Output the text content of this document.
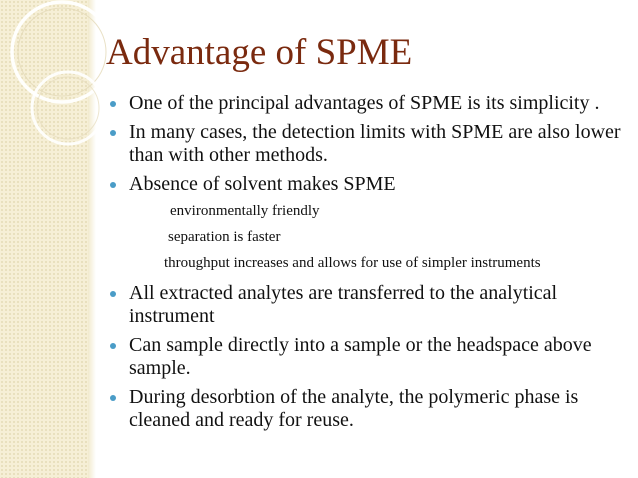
Advantage of SPME
One of the principal advantages of SPME is its simplicity .
In many cases, the detection limits with SPME are also lower than with other methods.
Absence of solvent makes SPME
environmentally friendly
separation is faster
throughput increases and allows for use of simpler instruments
All extracted analytes are transferred to the analytical instrument
Can sample directly into a sample or the headspace above sample.
During desorbtion of the analyte, the polymeric phase is cleaned and ready for reuse.
